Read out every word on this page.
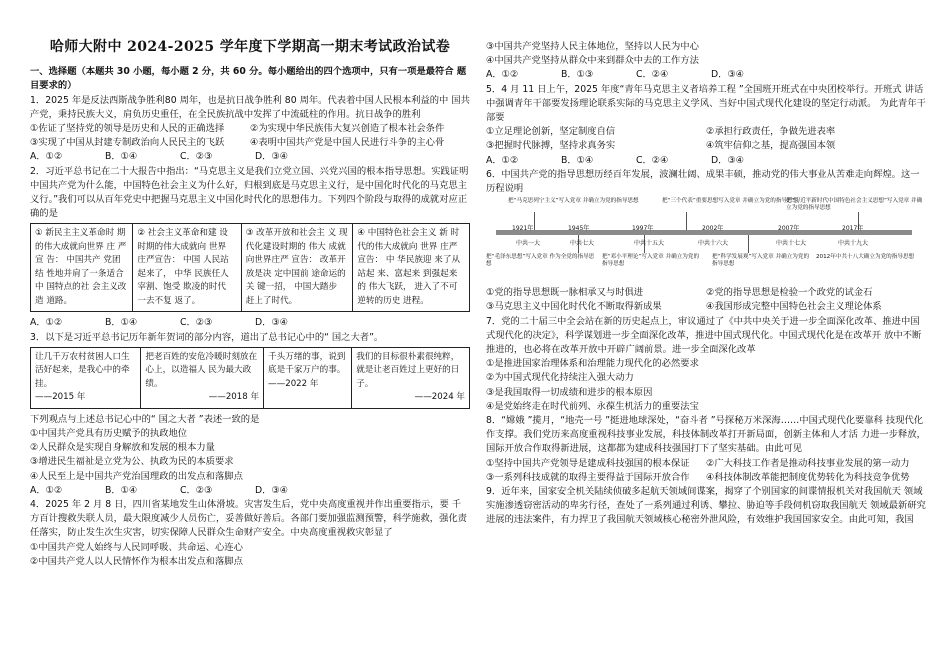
哈师大附中 2024-2025 学年度下学期高一期末考试政治试卷

一、选择题（本题共 30 小题，每小题 2 分，共 60 分。每小题给出的四个选项中，只有一项是最符合 题目要求的）

1．2025 年是反法西斯战争胜利80 周年，也是抗日战争胜利 80 周年。代表着中国人民根本利益的中 国共产党，秉持民族大义，肩负历史重任，在全民族抗战中发挥了中流砥柱的作用。抗日战争的胜利

①佐证了坚持党的领导是历史和人民的正确选择	②为实现中华民族伟大复兴创造了根本社会条件
③实现了中国从封建专制政治向人民民主的飞跃	④表明中国共产党是中国人民进行斗争的主心骨
A．①②	B．①④	C．②③	D．③④

2．习近平总书记在二十大报告中指出：“马克思主义是我们立党立国、兴党兴国的根本指导思想。实践证明中国共产党为什么能，中国特色社会主义为什么好，归根到底是马克思主义行，是中国化时代化的马克思主义行。”我们可以从百年党史中把握马克思主义中国化时代化的思想伟力。下列四个阶段与取得的成就对应正确的是

① 新民主主义革命时 期 的伟大成就向世界 庄 严 宣 告： 中国共产 党团结 性地并肩了一条适合中 国特点的社 会主义改造 道路。	② 社会主义革命和建 设 时期的伟大成就向 世界 庄严宣告： 中国 人民站 起来了， 中华 民族任人 宰割、饱受 欺凌的时代 一去不复 返了。	③ 改革开放和社会主 义 现代化建设时期的 伟大 成就向世界庄严 宣告： 改革开放是决 定中国前 途命运的关 键一招， 中国大踏步 赶上了时代。	④ 中国特色社会主义 新 时代的伟大成就向 世界 庄严宣告： 中 华民族迎 来了从站起 来、富起来 到强起来的 伟大飞跃， 进入了不可 逆转的历史 进程。
A．①②	B．①④	C．②③	D．③④

3．以下是习近平总书记历年新年贺词的部分内容，道出了总书记心中的“ 国之大者”。

让几千万农村贫困人口生活好起来，是我心中的牵挂。
——2015 年

把老百姓的安危冷暖时刻放在心上，以造福人 民为最大政绩。
——2018 年

千头万绪的事，说到底是千家万户的事。
——2022 年

我们的目标很朴素很纯粹，就是让老百姓过上更好的日子。
——2024 年

下列观点与上述总书记心中的“ 国之大者 ”表述一致的是

①中国共产党具有历史赋予的执政地位

②人民群众是实现自身解放和发展的根本力量

③增进民生福祉是立党为公、执政为民的本质要求

④人民至上是中国共产党治国理政的出发点和落脚点

A．①②	B．①④	C．②③	D．③④

4．2025 年 2 月 8 日，四川省某地发生山体滑坡。灾害发生后，党中央高度重视并作出重要指示，要 千方百计搜救失联人员，最大限度减少人员伤亡，妥善做好善后。各部门要加强监测预警，科学施救，强化责任落实，防止发生次生灾害，切实保障人民群众生命财产安全。中央高度重视救灾彰显了

①中国共产党人始终与人民同呼吸、共命运、心连心

②中国共产党人以人民情怀作为根本出发点和落脚点

③中国共产党坚持人民主体地位，坚持以人民为中心

④中国共产党坚持从群众中来到群众中去的工作方法

A．①②	B．①③	C．②④	D．③④

5．4 月 11 日上午，2025 年度“青年马克思主义者培养工程 ”全国班开班式在中央团校举行。开班式 讲话中强调青年干部要发扬理论联系实际的马克思主义学风、当好中国式现代化建设的坚定行动派。 为此青年干部要

①立足理论创新，坚定制度自信	②承担行政责任，争做先进表率
③把握时代脉搏，坚持求真务实	④筑牢信仰之基，提高强国本领
A．①②	B．①④	C．②④	D．③④

6．中国共产党的指导思想历经百年发展，波澜壮阔、成果丰硕，推动党的伟大事业从苦难走向辉煌。这一历程说明

把“马克思列宁主义”写入党章 并确立为党的指导思想	把“三个代表”重要思想写入党章 并确立为党的指导思想
把“习近平新时代中国特色社会主义思想”写入党章 并确立为党的指导思想
1921年	1945年	1997年	2002年	2007年	2017年
中共一大	中共七大	中共十五大	中共十六大	中共十七大	中共十九大
把“毛泽东思想”写入党章 作为全党的指导思想
把“邓小平理论”写入党章 并确立为党的指导思想
把“科学发展观”写入党章 并确立为党的指导思想
2012年中共十八大确立为党的指导思想
①党的指导思想既一脉相承又与时俱进	②党的指导思想是检验一个政党的试金石
③马克思主义中国化时代化不断取得新成果	④我国形成完整中国特色社会主义理论体系

7．党的二十届三中全会站在新的历史起点上，审议通过了《中共中央关于进一步全面深化改革、推进中国式现代化的决定》，科学谋划进一步全面深化改革，推进中国式现代化。中国式现代化是在改革开 放中不断推进的，也必将在改革开放中开辟广阔前景。进一步全面深化改革

①是推进国家治理体系和治理能力现代化的必然要求

②为中国式现代化持续注入强大动力

③是我国取得一切成绩和进步的根本原因

④是党始终走在时代前列、永葆生机活力的重要法宝

8．“嫦娥 ”揽月，“地壳一号 ”挺进地球深处，“奋斗者 ”号探秘万米深海……中国式现代化要靠科 技现代化作支撑。我们党历来高度重视科技事业发展，科技体制改革打开新局面，创新主体和人才活 力进一步释放，国际开放合作取得新进展，这都都为建成科技强国打下了坚实基础。由此可见

①坚持中国共产党领导是建成科技强国的根本保证	②广大科技工作者是推动科技事业发展的第一动力
③一系列科技成就的取得主要得益于国际开放合作	④科技体制改革能把制度优势转化为科技竞争优势

9．近年来，国家安全机关陆续侦破多起航天领域间谍案，揭穿了个别国家的间谍情报机关对我国航天 领域实施渗透窃密活动的卑劣行径，查处了一系列通过利诱、攀拉、胁迫等手段伺机窃取我国航天 领域最新研究进展的违法案件，有力捍卫了我国航天领域核心秘密外泄风险，有效维护我国国家安全。由此可知，我国
